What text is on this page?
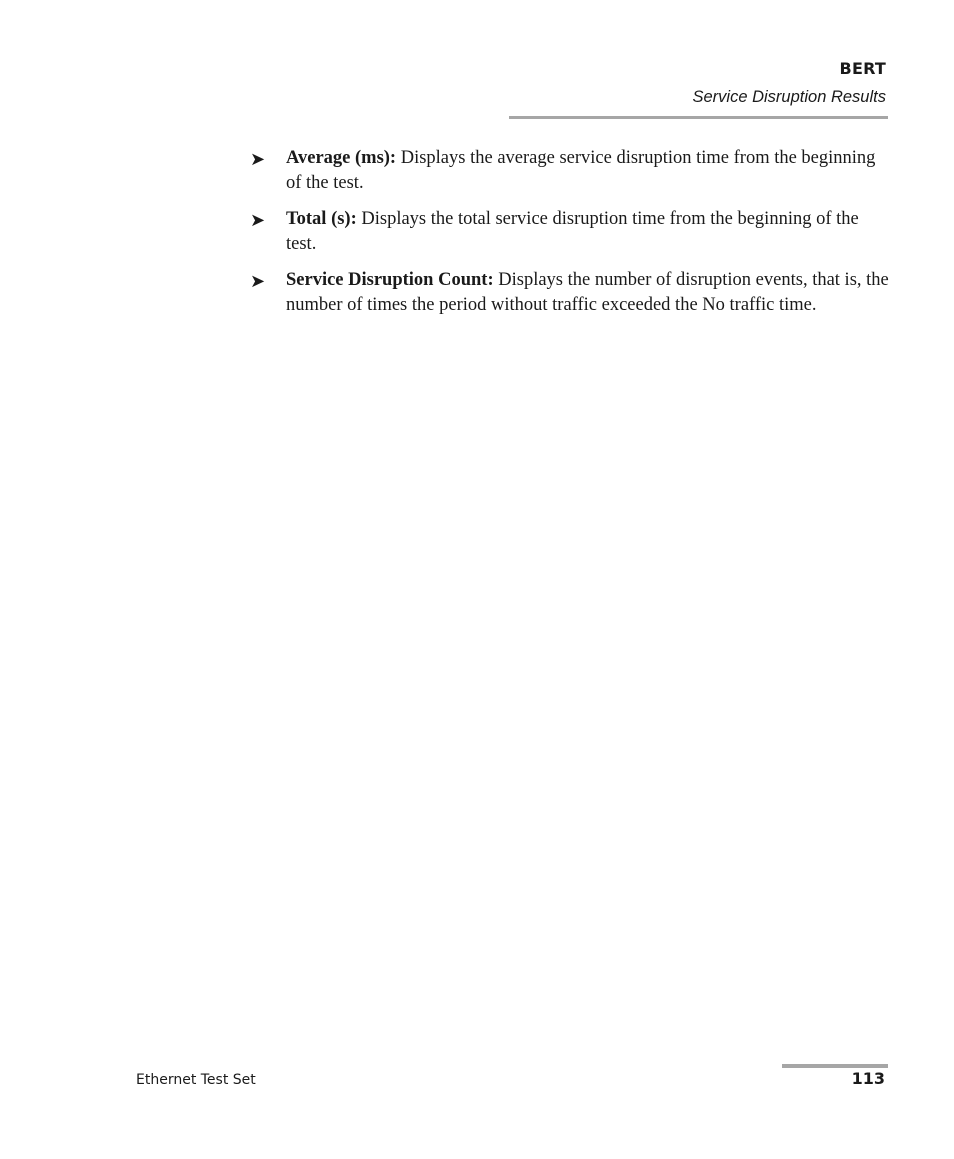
BERT
Service Disruption Results
➤	Average (ms): Displays the average service disruption time from the beginning of the test.
➤	Total (s): Displays the total service disruption time from the beginning of the test.
➤	Service Disruption Count: Displays the number of disruption events, that is, the number of times the period without traffic exceeded the No traffic time.
Ethernet Test Set	113
